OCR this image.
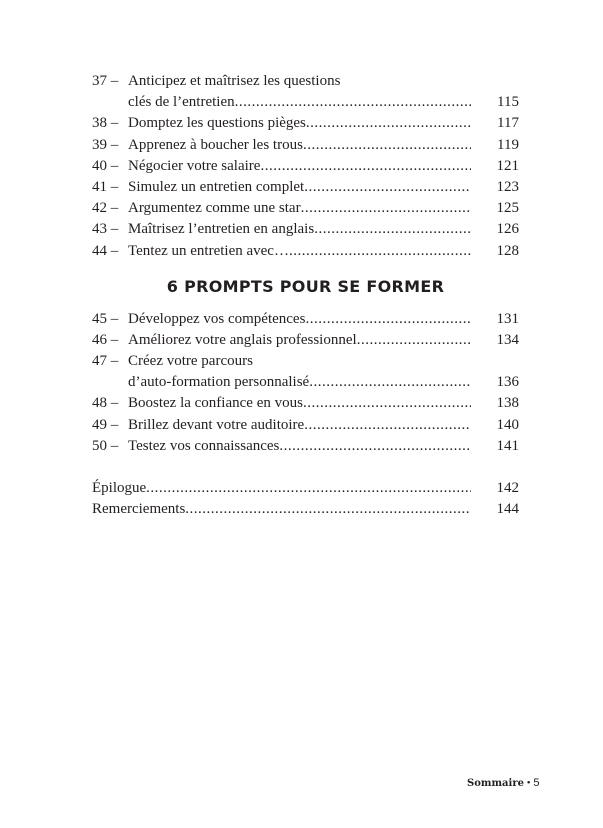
37 – Anticipez et maîtrisez les questions
clés de l’entretien .....	115
38 – Domptez les questions pièges .....	117
39 – Apprenez à boucher les trous .....	119
40 – Négocier votre salaire .....	121
41 – Simulez un entretien complet .....	123
42 – Argumentez comme une star .....	125
43 – Maîtrisez l’entretien en anglais .....	126
44 – Tentez un entretien avec… .....	128
6 PROMPTS POUR SE FORMER
45 – Développez vos compétences .....	131
46 – Améliorez votre anglais professionnel .....	134
47 – Créez votre parcours
d’auto-formation personnalisé .....	136
48 – Boostez la confiance en vous .....	138
49 – Brillez devant votre auditoire .....	140
50 – Testez vos connaissances .....	141
Épilogue .....	142
Remerciements .....	144
Sommaire • 5
